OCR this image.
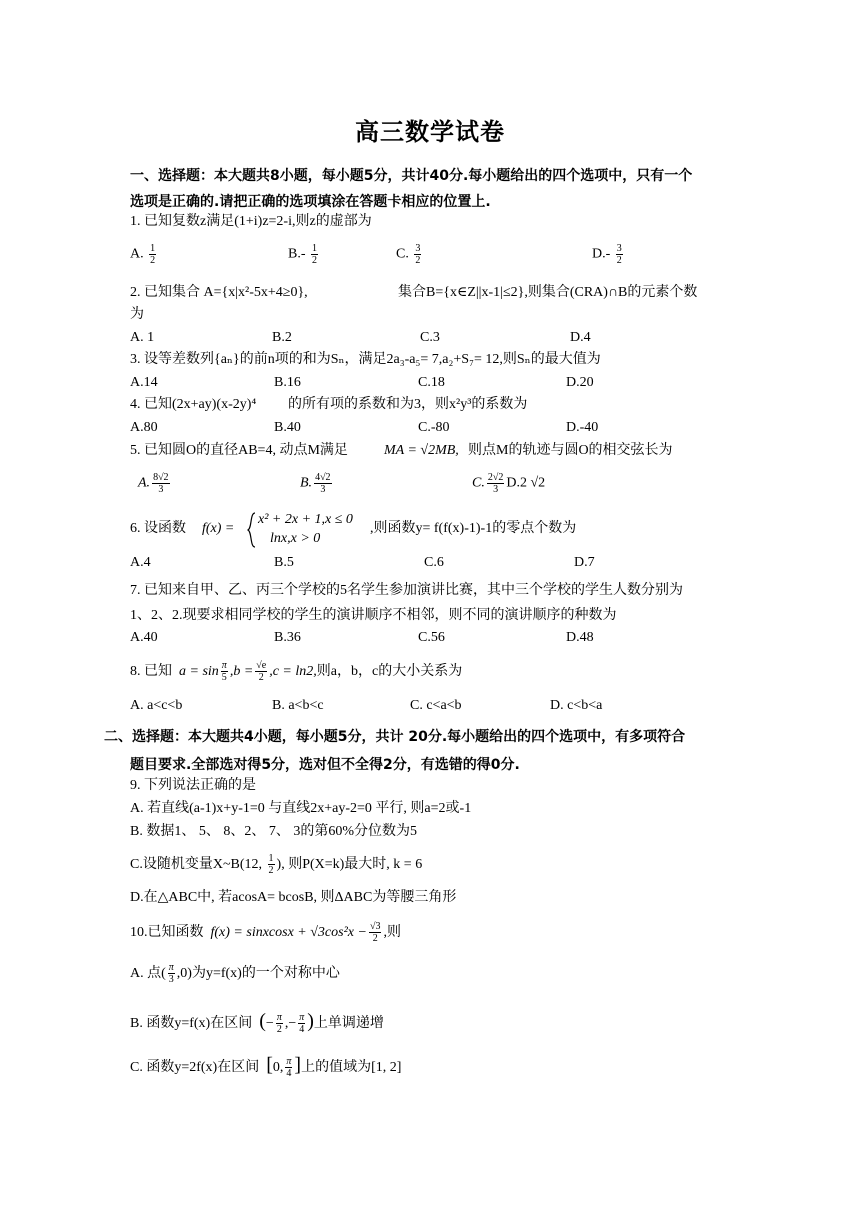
高三数学试卷
一、选择题：本大题共8小题，每小题5分，共计40分.每小题给出的四个选项中，只有一个
选项是正确的.请把正确的选项填涂在答题卡相应的位置上.
1. 已知复数z满足(1+i)z=2-i,则z的虚部为
A. $\frac{1}{2}$	$B.- \frac{1}{2}$	C. $\frac{3}{2}$	$D.- \frac{3}{2}$
2. 已知集合 A={x|x²-5x+4≥0},	集合B={x∈Z||x-1|≤2},则集合(CRA)∩B的元素个数
为
A. 1	B.2	C.3	D.4
3. 设等差数列{aₙ}的前n项的和为Sₙ，满足2a₃-a₅= 7,a₂+S₇= 12,则Sₙ的最大值为
A.14	B.16	C.18	D.20
4. 已知(2x+ay)(x-2y)⁴ 的所有项的系数和为3，则x²y³的系数为
A.80	B.40	C.-80	D.-40
5. 已知圆O的直径AB=4, 动点M满足	MA = √2MB, 则点M的轨迹与圆O的相交弦长为
A. $\frac{8√2}{3}$	B. $\frac{4√2}{3}$	C. $\frac{2√2}{3} D.2$ √2
6. 设函数 f(x) =
x² + 2x + 1,x ≤ 0
lnx,x > 0
,则函数y= f(f(x)-1)-1的零点个数为
A.4	B.5	C.6	D.7
7. 已知来自甲、乙、丙三个学校的5名学生参加演讲比赛，其中三个学校的学生人数分别为
1、2、2.现要求相同学校的学生的演讲顺序不相邻，则不同的演讲顺序的种数为
A.40	B.36	C.56	D.48
8. 已知 $a = \sin \frac{\pi}{5} ,b = \frac{√e}{2} ,c = \ln 2$,则a，b，c的大小关系为
A. a<c<b	B. a<b<c	C. c<a<b	D. c<b<a
二、选择题：本大题共4小题，每小题5分，共计 20分.每小题给出的四个选项中，有多项符合
题目要求.全部选对得5分，选对但不全得2分，有选错的得0分.
9. 下列说法正确的是
A. 若直线(a-1)x+y-1=0 与直线2x+ay-2=0 平行, 则a=2或-1
B. 数据1、 5、 8、2、 7、 3的第60%分位数为5
C.设随机变量X~B(12, $\frac{1}{2}$ ), 则P(X=k)最大时, k = 6
D.在△ABC中, 若acosA= bcosB, 则ΔABC为等腰三角形
10.已知函数 f(x) = sinxcosx + $√3\cos^2x - \frac{√3}{2}$ ,则
A. 点( $\frac{\pi}{3} ,0$)为y=f(x)的一个对称中心
B. 函数y=f(x)在区间 (− $\frac{\pi}{2}$ ,− $\frac{\pi}{4}$ )上单调递增
C. 函数y=2f(x)在区间 [0, $\frac{\pi}{4}$ ]上的值域为[1, 2]
